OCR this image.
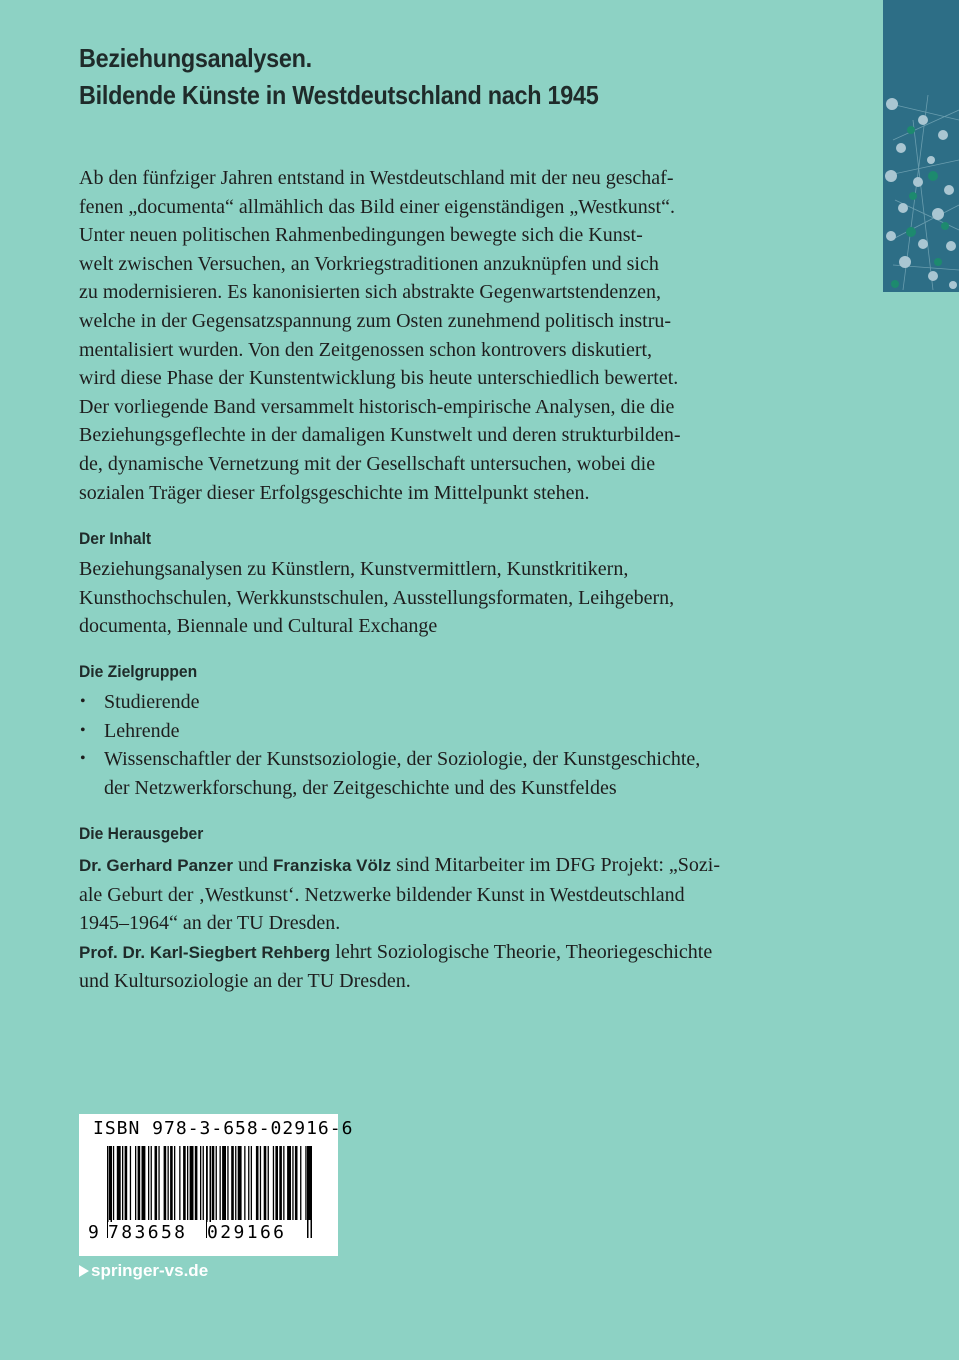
Beziehungsanalysen.
Bildende Künste in Westdeutschland nach 1945

Ab den fünfziger Jahren entstand in Westdeutschland mit der neu geschaf-
fenen „documenta“ allmählich das Bild einer eigenständigen „Westkunst“.
Unter neuen politischen Rahmenbedingungen bewegte sich die Kunst-
welt zwischen Versuchen, an Vorkriegstraditionen anzuknüpfen und sich
zu modernisieren. Es kanonisierten sich abstrakte Gegenwartstendenzen,
welche in der Gegensatzspannung zum Osten zunehmend politisch instru-
mentalisiert wurden. Von den Zeitgenossen schon kontrovers diskutiert,
wird diese Phase der Kunstentwicklung bis heute unterschiedlich bewertet.
Der vorliegende Band versammelt historisch-empirische Analysen, die die
Beziehungsgeflechte in der damaligen Kunstwelt und deren strukturbilden-
de, dynamische Vernetzung mit der Gesellschaft untersuchen, wobei die
sozialen Träger dieser Erfolgsgeschichte im Mittelpunkt stehen.

Der Inhalt

Beziehungsanalysen zu Künstlern, Kunstvermittlern, Kunstkritikern,
Kunsthochschulen, Werkkunstschulen, Ausstellungsformaten, Leihgebern,
documenta, Biennale und Cultural Exchange

Die Zielgruppen
• Studierende
• Lehrende
• Wissenschaftler der Kunstsoziologie, der Soziologie, der Kunstgeschichte,
der Netzwerkforschung, der Zeitgeschichte und des Kunstfeldes
Die Herausgeber

Dr. Gerhard Panzer und Franziska Völz sind Mitarbeiter im DFG Projekt: „Sozi-
ale Geburt der ‚Westkunst‘. Netzwerke bildender Kunst in Westdeutschland
1945–1964“ an der TU Dresden.
Prof. Dr. Karl-Siegbert Rehberg lehrt Soziologische Theorie, Theoriegeschichte
und Kultursoziologie an der TU Dresden.

ISBN 978-3-658-02916-6
9 783658 029166
springer-vs.de
